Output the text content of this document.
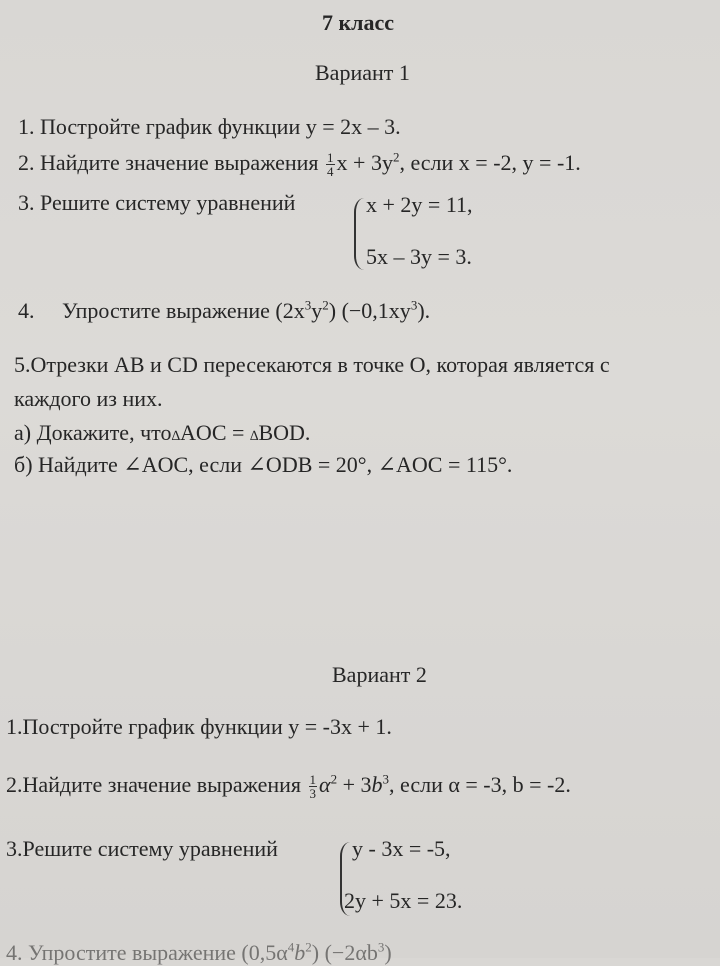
7 класс
Вариант 1
1. Постройте график функции y = 2x – 3.
2. Найдите значение выражения $\frac{1}{4}$ $x + 3y^2$, если x = -2, y = -1.
3. Решите систему уравнений	x + 2y = 11,
5x – 3y = 3.
4. Упростите выражение $(2x^3y^2)$ $(-0,1xy^3)$.
5.Отрезки AB и CD пересекаются в точке О, которая является с
каждого из них.
а) Докажите, что∆AOC = ∆BOD.
б) Найдите ∠AOC, если ∠ODB = 20°, ∠AOC = 115°.
Вариант 2
1.Постройте график функции y = -3x + 1.
2.Найдите значение выражения $\frac{1}{3} \alpha^2 + 3b^3$, если α = -3, b = -2.
3.Решите систему уравнений	y - 3x = -5,
2y + 5x = 23.
4. Упростите выражение $(0,5\alpha^4b^2)$ $(-2\alpha b^3)$
